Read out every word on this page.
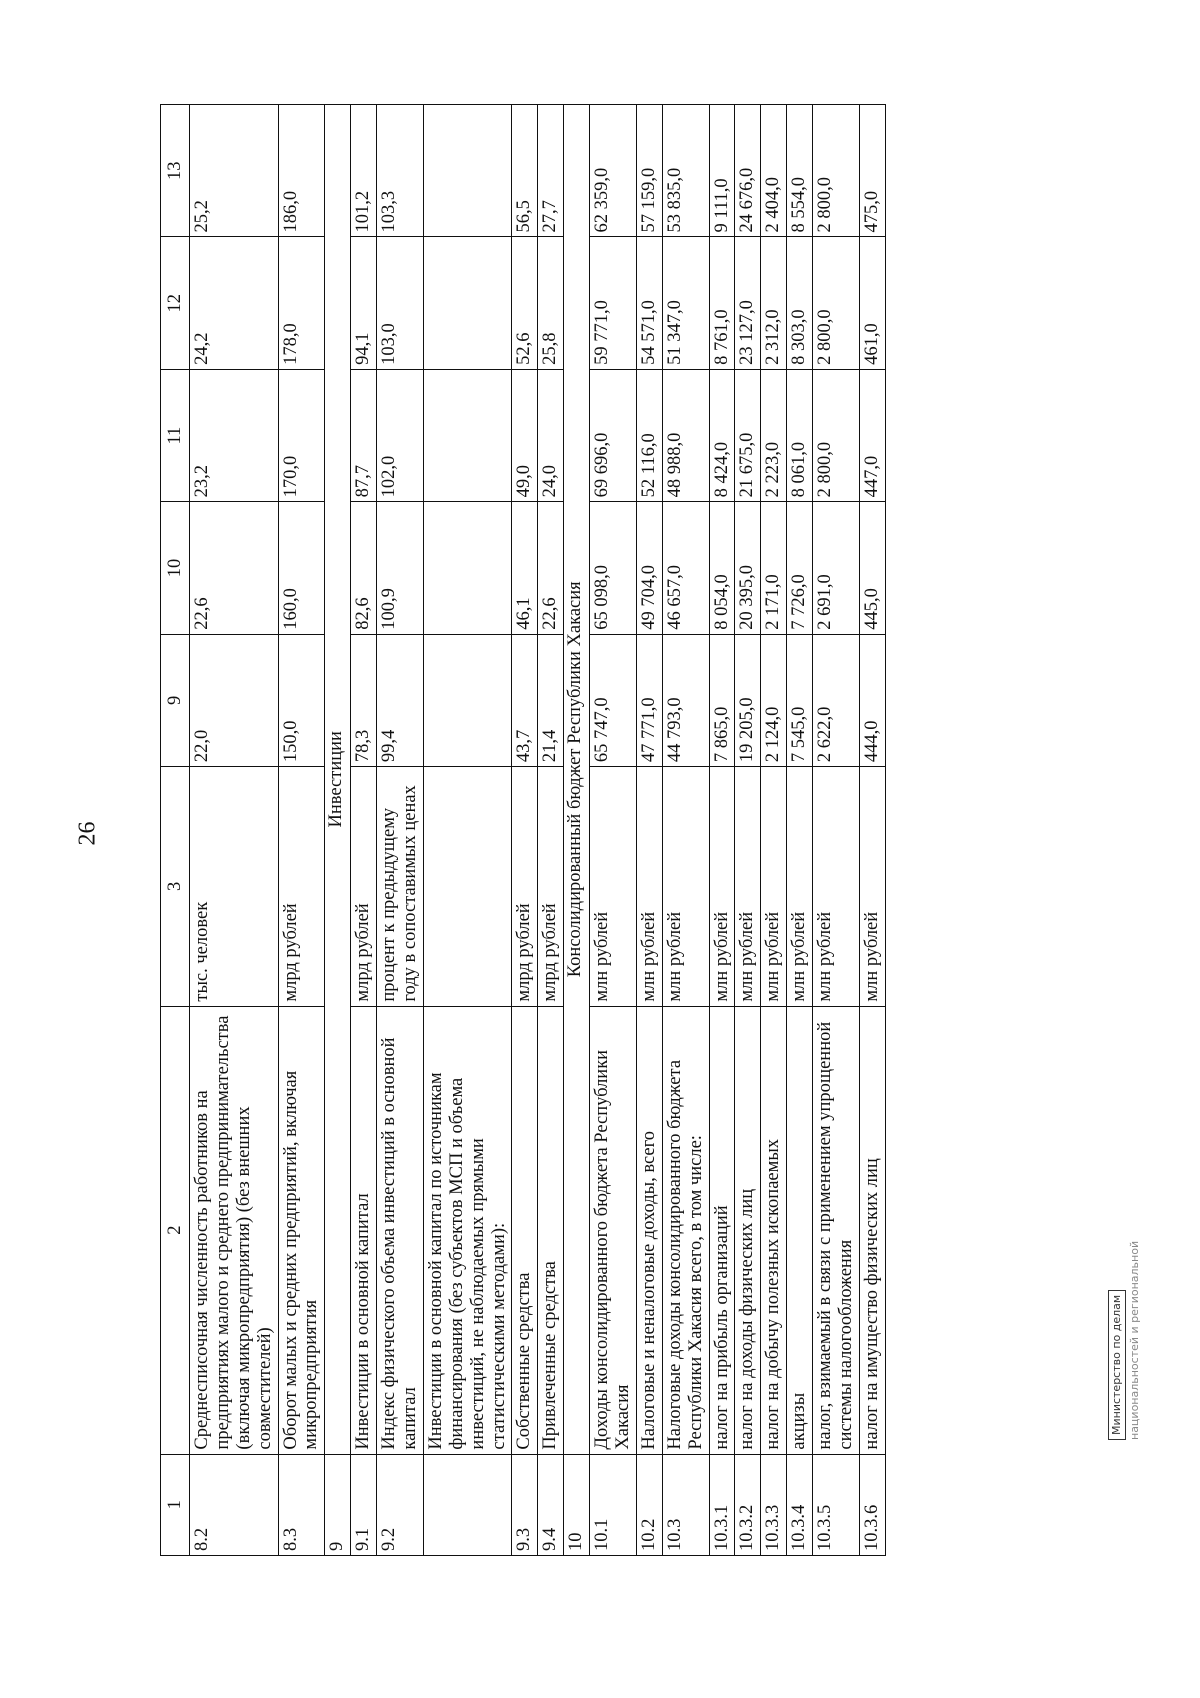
26
1	2	3	9	10	11	12	13
8.2	Среднесписочная численность работников на предприятиях малого и среднего предпринимательства (включая микропредприятия) (без внешних совместителей)	тыс. человек	22,0	22,6	23,2	24,2	25,2
8.3	Оборот малых и средних предприятий, включая микропредприятия	млрд рублей	150,0	160,0	170,0	178,0	186,0
9	Инвестиции						
9.1	Инвестиции в основной капитал	млрд рублей	78,3	82,6	87,7	94,1	101,2
9.2	Индекс физического объема инвестиций в основной капитал	процент к предыдущему году в сопоставимых ценах	99,4	100,9	102,0	103,0	103,3
	Инвестиции в основной капитал по источникам финансирования (без субъектов МСП и объема инвестиций, не наблюдаемых прямыми статистическими методами):						
9.3	Собственные средства	млрд рублей	43,7	46,1	49,0	52,6	56,5
9.4	Привлеченные средства	млрд рублей	21,4	22,6	24,0	25,8	27,7
10	Консолидированный бюджет Республики Хакасия						
10.1	Доходы консолидированного бюджета Республики Хакасия	млн рублей	65 747,0	65 098,0	69 696,0	59 771,0	62 359,0
10.2	Налоговые и неналоговые доходы, всего	млн рублей	47 771,0	49 704,0	52 116,0	54 571,0	57 159,0
10.3	Налоговые доходы консолидированного бюджета Республики Хакасия всего, в том числе:	млн рублей	44 793,0	46 657,0	48 988,0	51 347,0	53 835,0
10.3.1	налог на прибыль организаций	млн рублей	7 865,0	8 054,0	8 424,0	8 761,0	9 111,0
10.3.2	налог на доходы физических лиц	млн рублей	19 205,0	20 395,0	21 675,0	23 127,0	24 676,0
10.3.3	налог на добычу полезных ископаемых	млн рублей	2 124,0	2 171,0	2 223,0	2 312,0	2 404,0
10.3.4	акцизы	млн рублей	7 545,0	7 726,0	8 061,0	8 303,0	8 554,0
10.3.5	налог, взимаемый в связи с применением упрощенной системы налогообложения	млн рублей	2 622,0	2 691,0	2 800,0	2 800,0	2 800,0
10.3.6	налог на имущество физических лиц	млн рублей	444,0	445,0	447,0	461,0	475,0
Министерство по делам национальностей и региональной
